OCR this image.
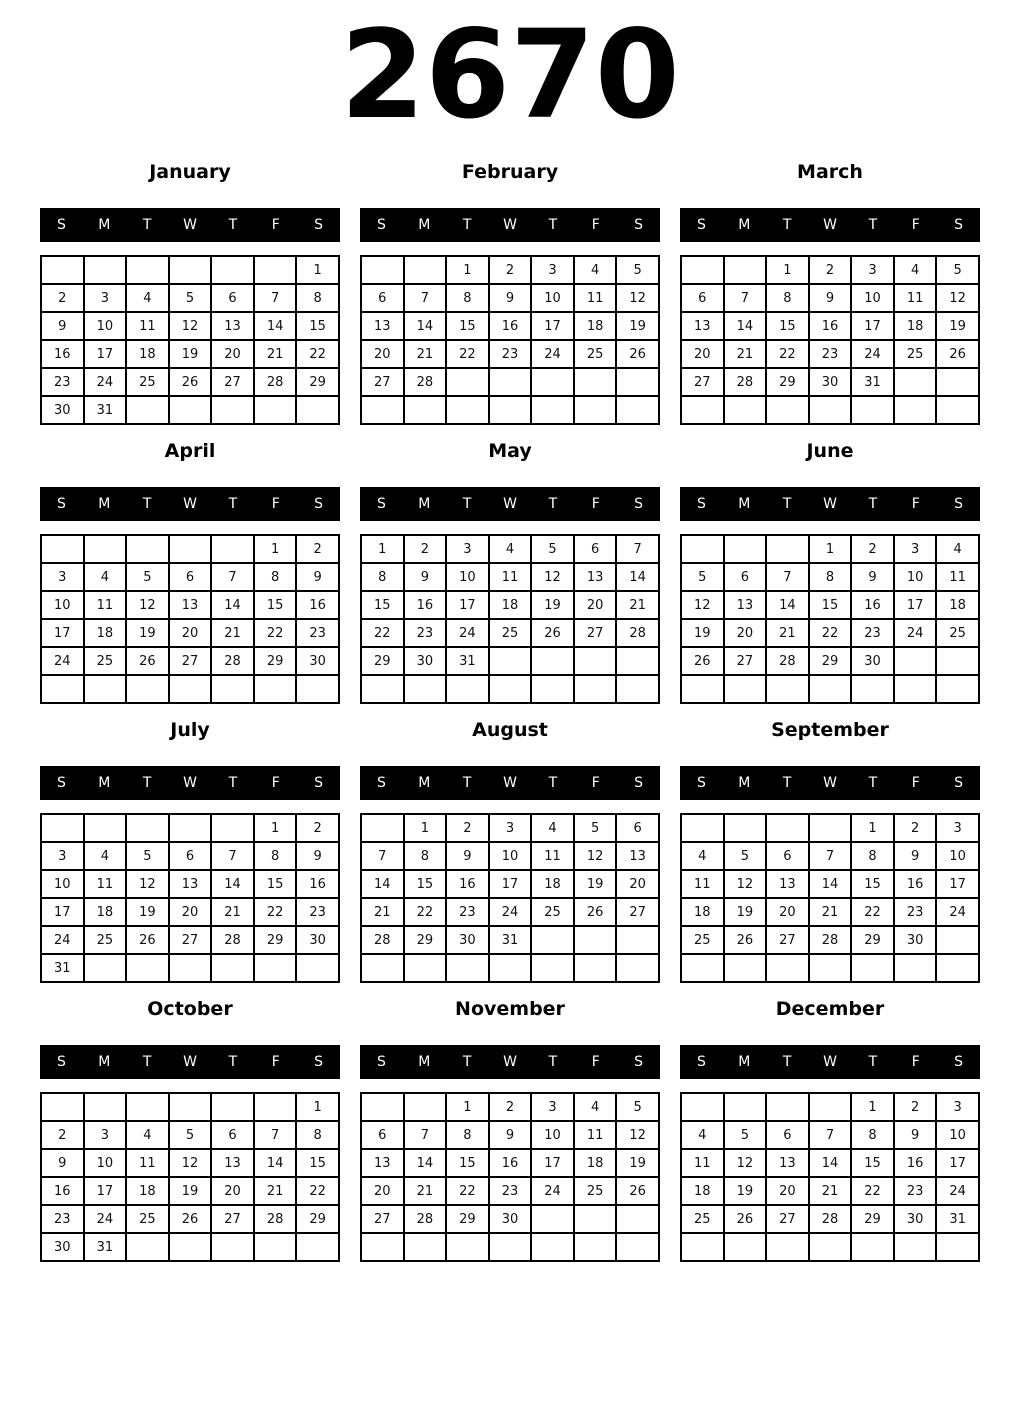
2670
January
S	M	T	W	T	F	S
						1
2	3	4	5	6	7	8
9	10	11	12	13	14	15
16	17	18	19	20	21	22
23	24	25	26	27	28	29
30	31					
February
S	M	T	W	T	F	S
		1	2	3	4	5
6	7	8	9	10	11	12
13	14	15	16	17	18	19
20	21	22	23	24	25	26
27	28					

March
S	M	T	W	T	F	S
		1	2	3	4	5
6	7	8	9	10	11	12
13	14	15	16	17	18	19
20	21	22	23	24	25	26
27	28	29	30	31		

April
S	M	T	W	T	F	S
					1	2
3	4	5	6	7	8	9
10	11	12	13	14	15	16
17	18	19	20	21	22	23
24	25	26	27	28	29	30

May
S	M	T	W	T	F	S
1	2	3	4	5	6	7
8	9	10	11	12	13	14
15	16	17	18	19	20	21
22	23	24	25	26	27	28
29	30	31				

June
S	M	T	W	T	F	S
			1	2	3	4
5	6	7	8	9	10	11
12	13	14	15	16	17	18
19	20	21	22	23	24	25
26	27	28	29	30		

July
S	M	T	W	T	F	S
					1	2
3	4	5	6	7	8	9
10	11	12	13	14	15	16
17	18	19	20	21	22	23
24	25	26	27	28	29	30
31						
August
S	M	T	W	T	F	S
	1	2	3	4	5	6
7	8	9	10	11	12	13
14	15	16	17	18	19	20
21	22	23	24	25	26	27
28	29	30	31			

September
S	M	T	W	T	F	S
				1	2	3
4	5	6	7	8	9	10
11	12	13	14	15	16	17
18	19	20	21	22	23	24
25	26	27	28	29	30	

October
S	M	T	W	T	F	S
						1
2	3	4	5	6	7	8
9	10	11	12	13	14	15
16	17	18	19	20	21	22
23	24	25	26	27	28	29
30	31					
November
S	M	T	W	T	F	S
		1	2	3	4	5
6	7	8	9	10	11	12
13	14	15	16	17	18	19
20	21	22	23	24	25	26
27	28	29	30			

December
S	M	T	W	T	F	S
				1	2	3
4	5	6	7	8	9	10
11	12	13	14	15	16	17
18	19	20	21	22	23	24
25	26	27	28	29	30	31
